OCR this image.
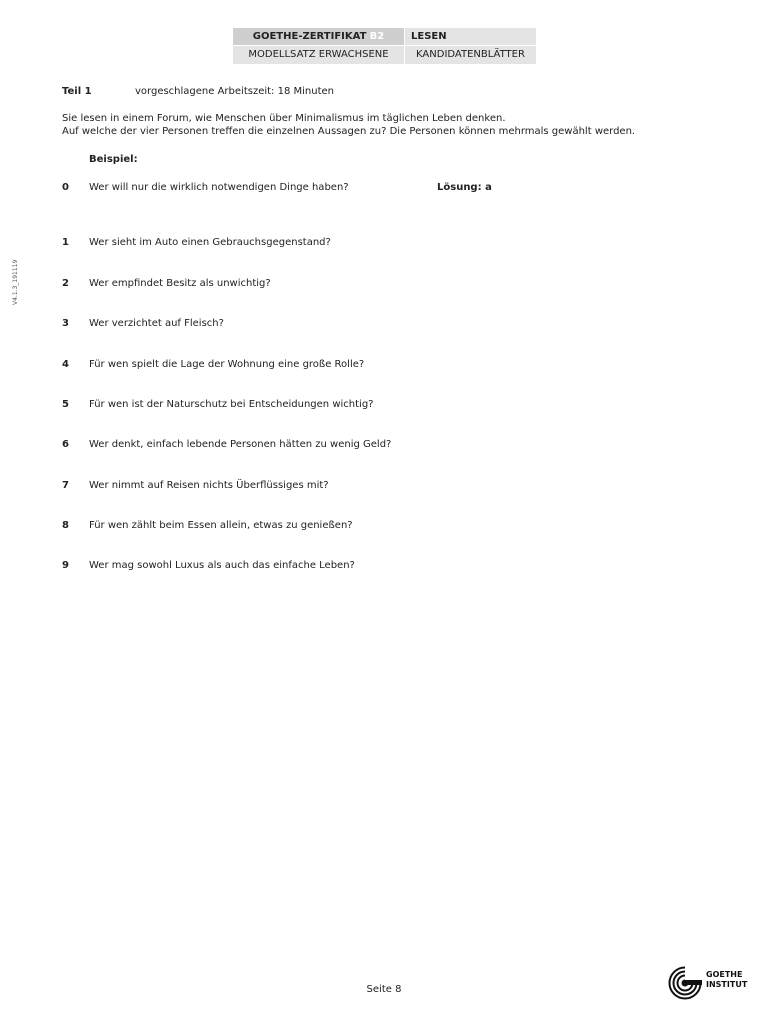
GOETHE-ZERTIFIKAT B2	LESEN
MODELLSATZ ERWACHSENE	KANDIDATENBLÄTTER
V4.1.3_191119
Teil 1	vorgeschlagene Arbeitszeit: 18 Minuten
Sie lesen in einem Forum, wie Menschen über Minimalismus im täglichen Leben denken.
Auf welche der vier Personen treffen die einzelnen Aussagen zu? Die Personen können mehrmals gewählt werden.
Beispiel:
0 Wer will nur die wirklich notwendigen Dinge haben?	Lösung: a
1 Wer sieht im Auto einen Gebrauchsgegenstand?
2 Wer empfindet Besitz als unwichtig?
3 Wer verzichtet auf Fleisch?
4 Für wen spielt die Lage der Wohnung eine große Rolle?
5 Für wen ist der Naturschutz bei Entscheidungen wichtig?
6 Wer denkt, einfach lebende Personen hätten zu wenig Geld?
7 Wer nimmt auf Reisen nichts Überflüssiges mit?
8 Für wen zählt beim Essen allein, etwas zu genießen?
9 Wer mag sowohl Luxus als auch das einfache Leben?
Seite 8
GOETHE
INSTITUT
